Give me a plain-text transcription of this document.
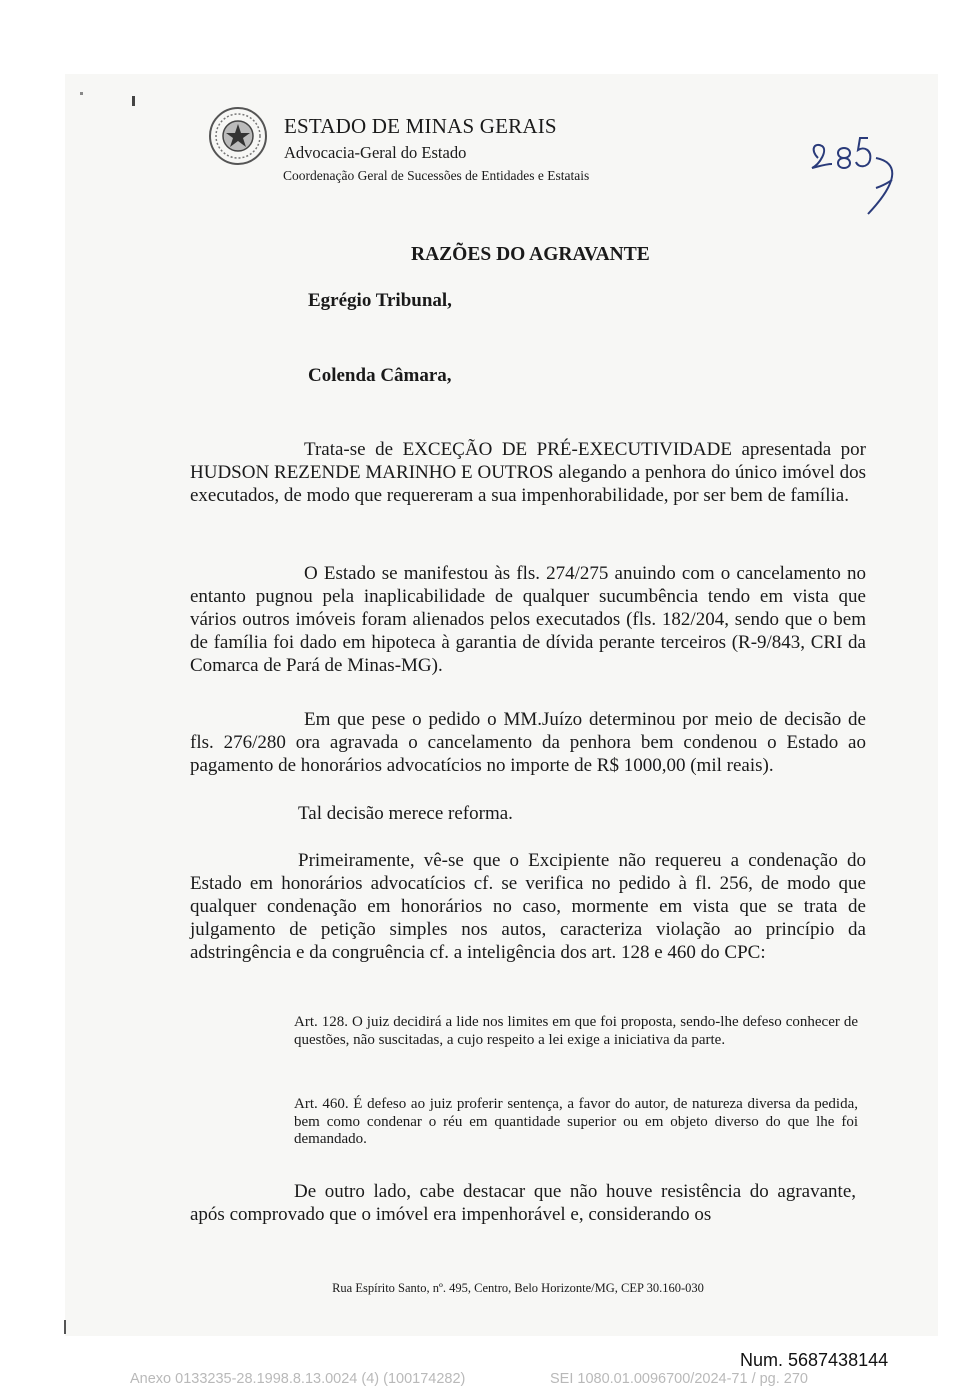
ESTADO DE MINAS GERAIS
Advocacia-Geral do Estado
Coordenação Geral de Sucessões de Entidades e Estatais
RAZÕES DO AGRAVANTE
Egrégio Tribunal,
Colenda Câmara,

Trata-se de EXCEÇÃO DE PRÉ-EXECUTIVIDADE apresentada por HUDSON REZENDE MARINHO E OUTROS alegando a penhora do único imóvel dos executados, de modo que requereram a sua impenhorabilidade, por ser bem de família.

O Estado se manifestou às fls. 274/275 anuindo com o cancelamento no entanto pugnou pela inaplicabilidade de qualquer sucumbência tendo em vista que vários outros imóveis foram alienados pelos executados (fls. 182/204, sendo que o bem de família foi dado em hipoteca à garantia de dívida perante terceiros (R-9/843, CRI da Comarca de Pará de Minas-MG).

Em que pese o pedido o MM.Juízo determinou por meio de decisão de fls. 276/280 ora agravada o cancelamento da penhora bem condenou o Estado ao pagamento de honorários advocatícios no importe de R$ 1000,00 (mil reais).

Tal decisão merece reforma.

Primeiramente, vê-se que o Excipiente não requereu a condenação do Estado em honorários advocatícios cf. se verifica no pedido à fl. 256, de modo que qualquer condenação em honorários no caso, mormente em vista que se trata de julgamento de petição simples nos autos, caracteriza violação ao princípio da adstringência e da congruência cf. a inteligência dos art. 128 e 460 do CPC:

Art. 128. O juiz decidirá a lide nos limites em que foi proposta, sendo-lhe defeso conhecer de questões, não suscitadas, a cujo respeito a lei exige a iniciativa da parte.

Art. 460. É defeso ao juiz proferir sentença, a favor do autor, de natureza diversa da pedida, bem como condenar o réu em quantidade superior ou em objeto diverso do que lhe foi demandado.

De outro lado, cabe destacar que não houve resistência do agravante, após comprovado que o imóvel era impenhorável e, considerando os

Rua Espírito Santo, nº. 495, Centro, Belo Horizonte/MG, CEP 30.160-030
Num. 5687438144
Anexo 0133235-28.1998.8.13.0024 (4) (100174282)	SEI 1080.01.0096700/2024-71 / pg. 270
